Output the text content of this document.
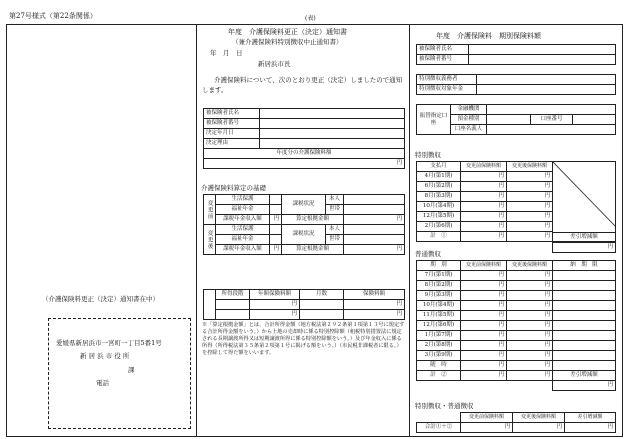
第27号様式（第22条関係）	(表)
（介護保険料更正（決定）通知書在中）
愛媛県新居浜市一宮町一丁目5番1号
新 居 浜 市 役 所
課
電話
年度　介護保険料更正（決定）通知書
（兼介護保険料特別徴収中止通知書）
年　月　日
新居浜市長
介護保険料について、次のとおり更正（決定）しましたので通知します。
被保険者氏名	
被保険者番号	
決定年月日	
決定理由	
年度分の介護保険料額	
円	
介護保険料算定の基礎
変更前	生活保護		課税状況	本人	
	福祉年金			世帯	
	課税年金収入額	円	算定根拠金額		円
変更後	生活保護		課税状況	本人	
	福祉年金			世帯	
	課税年金収入額	円	算定根拠金額		円
	所得段階	年額保険料額	月数	保険料額
		円		円
		円		円
※「算定根拠金額」とは、合計所得金額（地方税法第２９２条第１項第１３号に規定する合計所得金額をいう。）から土地の売却時に係る特別控除額（租税特別措置法に規定される長期譲渡所得又は短期譲渡所得に係る特別控除額をいう。）及び年金収入に係る所得（所得税法第３５条第２項第１号に掲げる額をいう。）（市民税非課税者に限る。）を控除して得た額をいいます。
年度　介護保険料　期別保険料額
被保険者氏名	
被保険者番号	
特別徴収義務者	
特別徴収対象年金	
振替指定口座	金融機関			
	預金種別		口座番号	
	口座名義人			
特別徴収
支払月	変更前保険料額	変更後保険料額	

4月(第1期)	円	円	
6月(第2期)	円	円	
8月(第3期)	円	円	
10月(第4期)	円	円	
12月(第5期)	円	円	
2月(第6期)	円	円	
計　①	円	円		差引増減額
円
普通徴収
期　別	変更前保険料額	変更後保険料額	納　期　限
7月(第1期)	円	円	
8月(第2期)	円	円	
9月(第3期)	円	円	
10月(第4期)	円	円	
11月(第5期)	円	円	
12月(第6期)	円	円	
1月(第7期)	円	円	
2月(第8期)	円	円	
3月(第9期)	円	円	
随　時	円	円	
計　②	円	円	差引増減額
			円
特別徴収・普通徴収
	変更前保険料額	変更後保険料額	差引増減額
合計①＋②	円	円	円
